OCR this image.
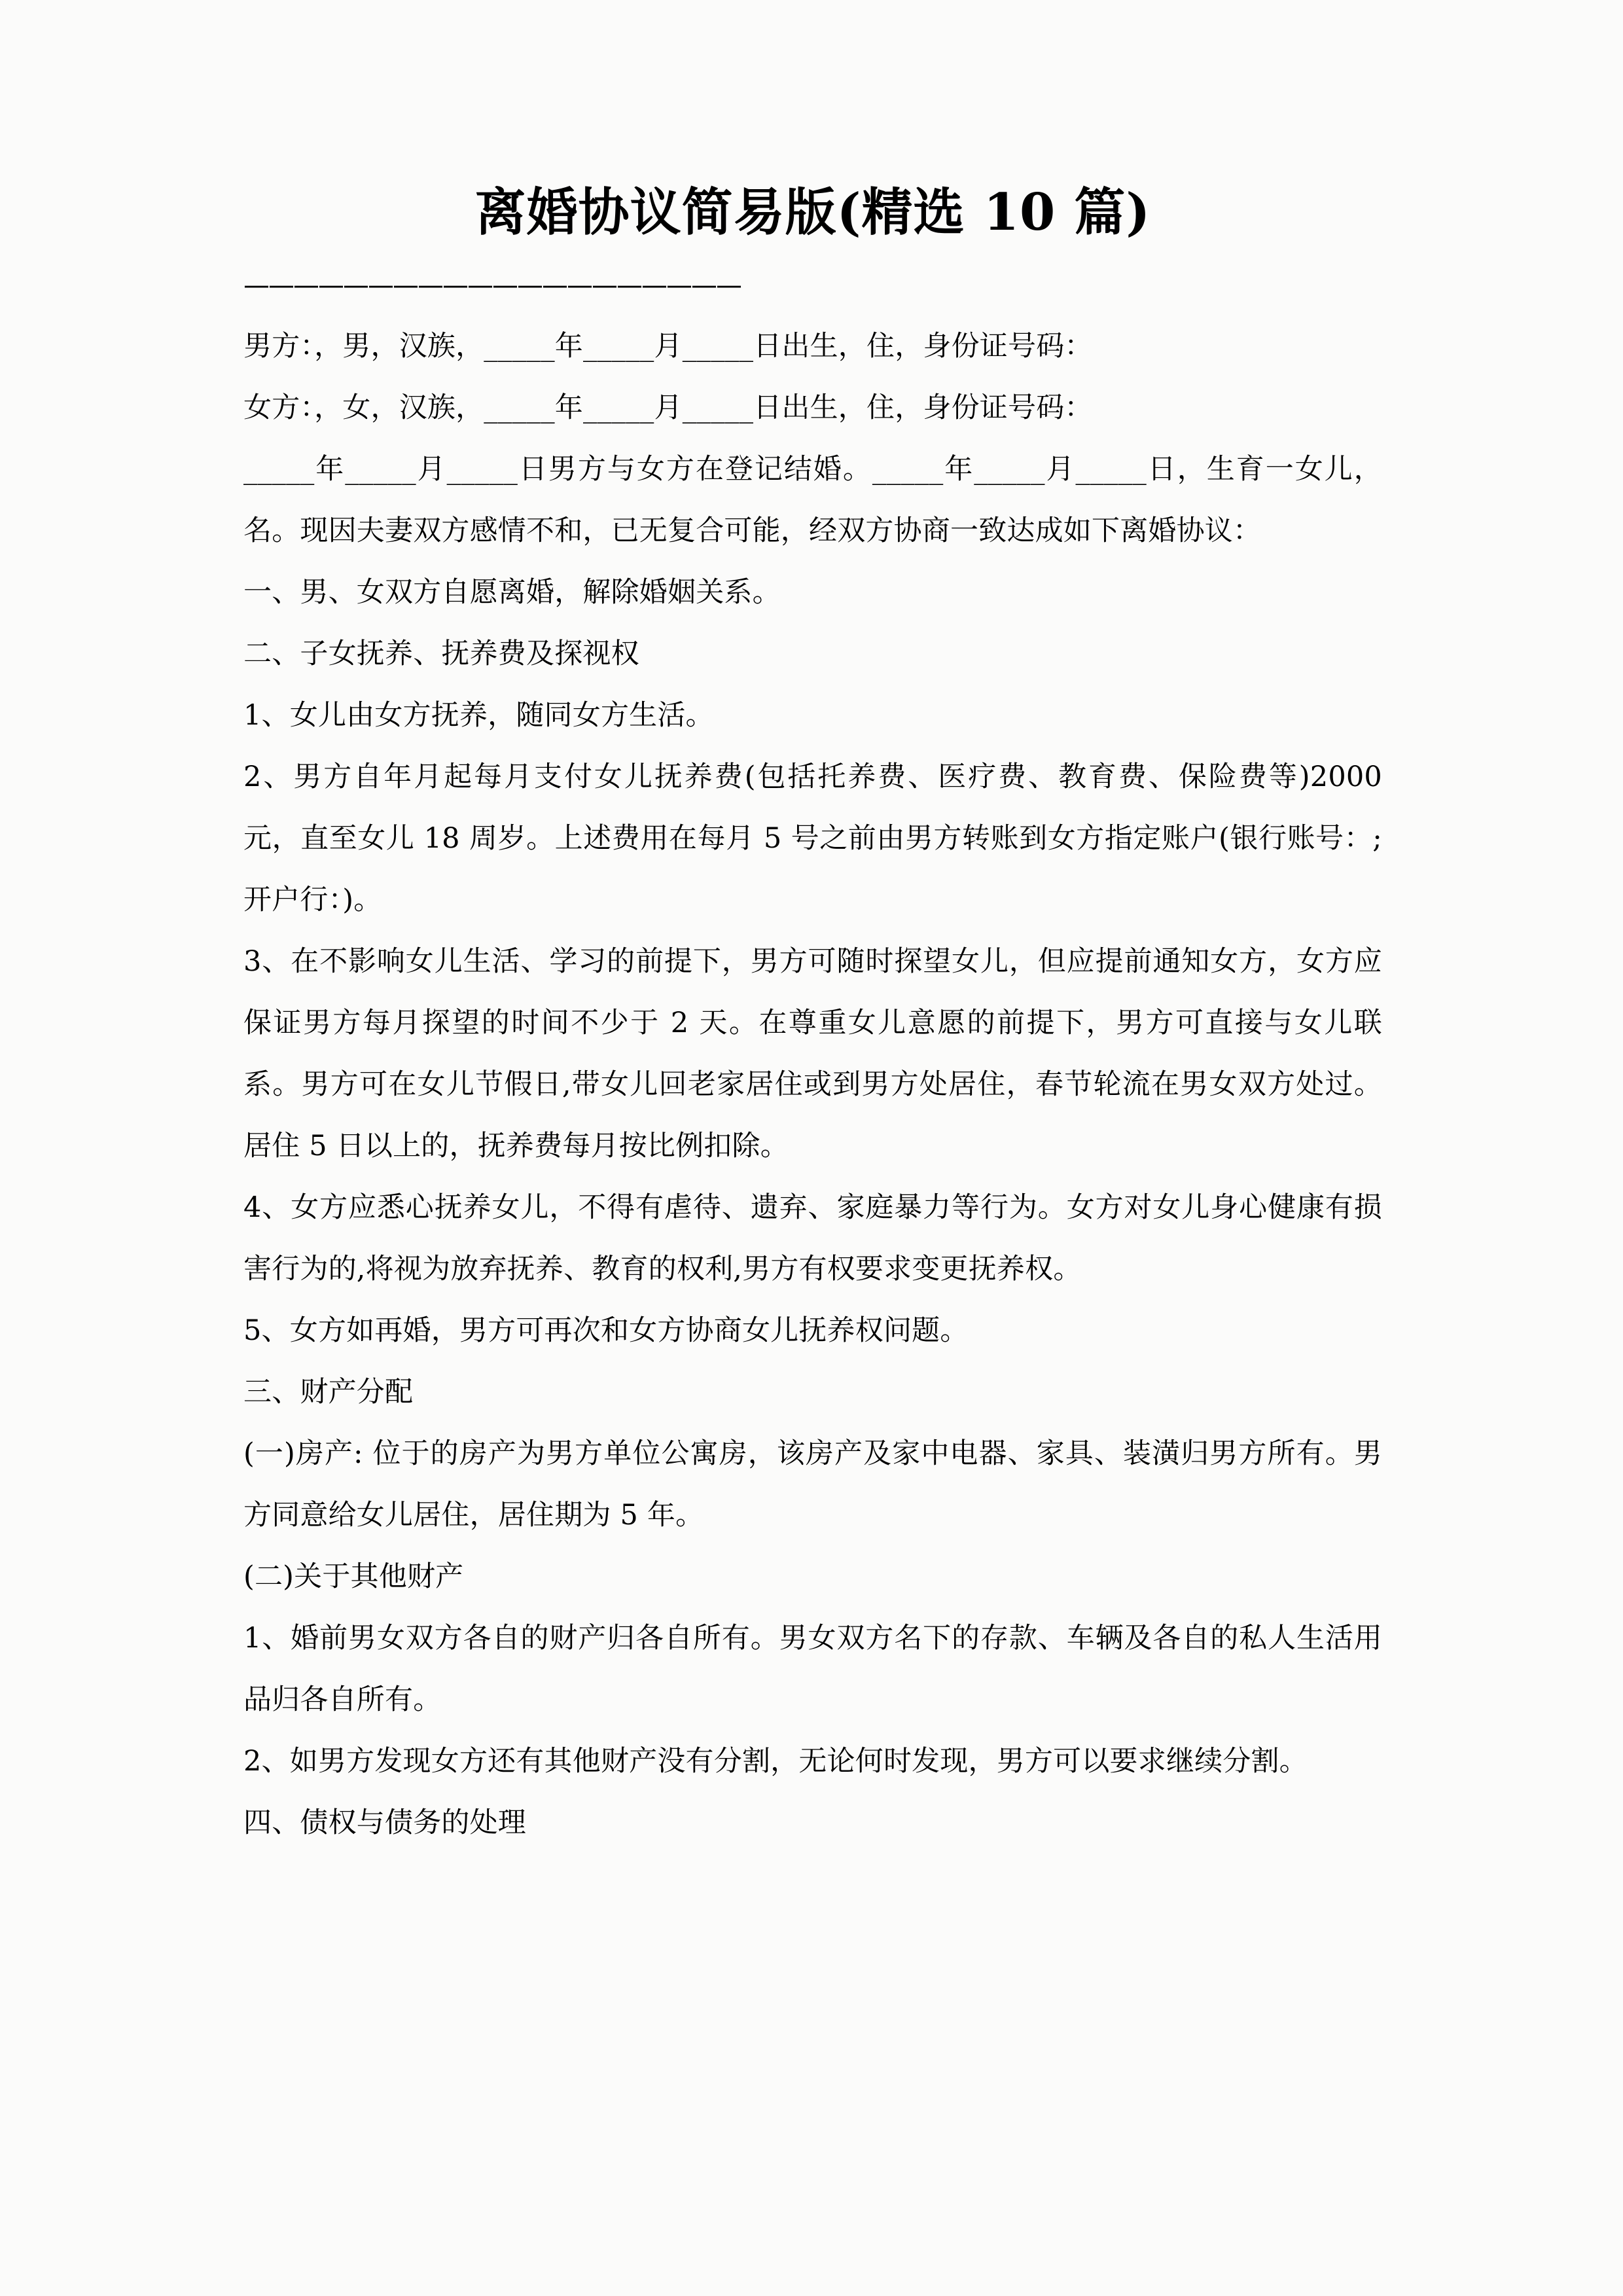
离婚协议简易版(精选 10 篇)
————————————————————

男方：，男，汉族，_____年_____月_____日出生，住，身份证号码：

女方：，女，汉族，_____年_____月_____日出生，住，身份证号码：

_____年_____月_____日男方与女方在登记结婚。_____年_____月_____日，生育一女儿，名。现因夫妻双方感情不和，已无复合可能，经双方协商一致达成如下离婚协议：

一、男、女双方自愿离婚，解除婚姻关系。

二、子女抚养、抚养费及探视权

1、女儿由女方抚养，随同女方生活。

2、男方自年月起每月支付女儿抚养费(包括托养费、医疗费、教育费、保险费等)2000 元，直至女儿 18 周岁。上述费用在每月 5 号之前由男方转账到女方指定账户(银行账号：;开户行：)。

3、在不影响女儿生活、学习的前提下，男方可随时探望女儿，但应提前通知女方，女方应保证男方每月探望的时间不少于 2 天。在尊重女儿意愿的前提下，男方可直接与女儿联系。男方可在女儿节假日,带女儿回老家居住或到男方处居住，春节轮流在男女双方处过。居住 5 日以上的，抚养费每月按比例扣除。

4、女方应悉心抚养女儿，不得有虐待、遗弃、家庭暴力等行为。女方对女儿身心健康有损害行为的,将视为放弃抚养、教育的权利,男方有权要求变更抚养权。

5、女方如再婚，男方可再次和女方协商女儿抚养权问题。

三、财产分配

(一)房产: 位于的房产为男方单位公寓房，该房产及家中电器、家具、装潢归男方所有。男方同意给女儿居住，居住期为 5 年。

(二)关于其他财产

1、婚前男女双方各自的财产归各自所有。男女双方名下的存款、车辆及各自的私人生活用品归各自所有。

2、如男方发现女方还有其他财产没有分割，无论何时发现，男方可以要求继续分割。

四、债权与债务的处理
